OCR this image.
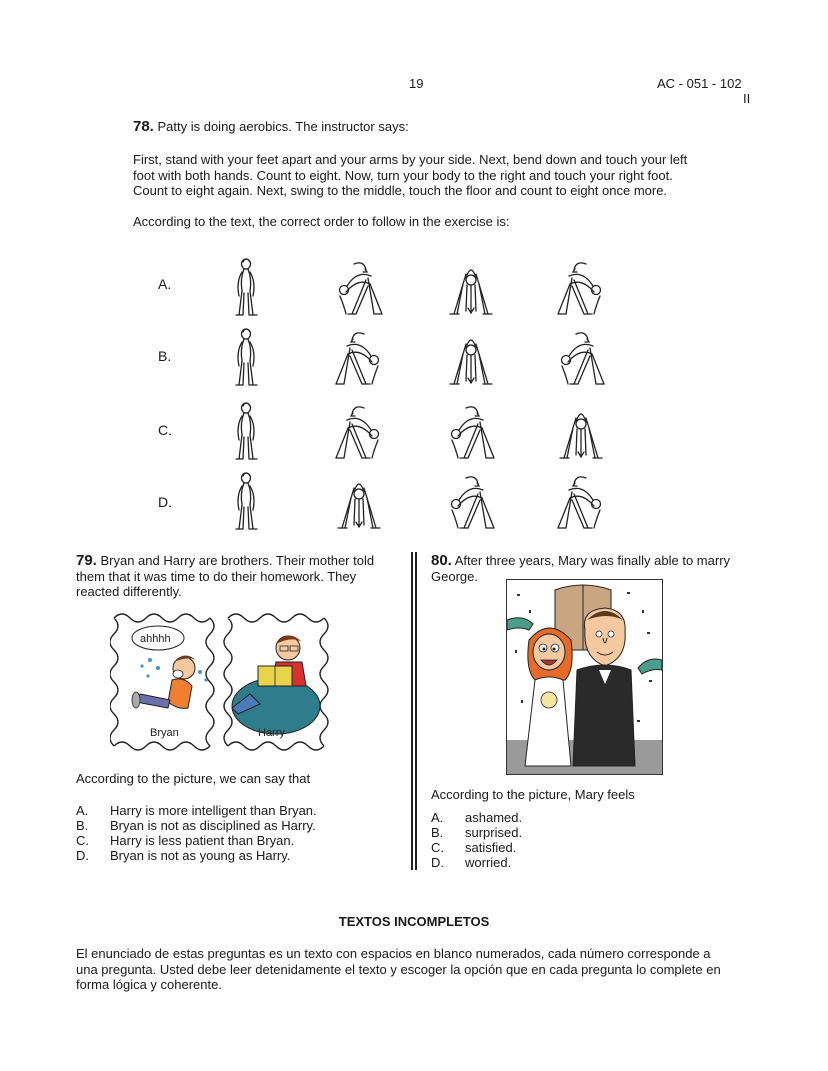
19	AC - 051 - 102
II
78. Patty is doing aerobics. The instructor says:
First, stand with your feet apart and your arms by your side. Next, bend down and touch your left
foot with both hands. Count to eight. Now, turn your body to the right and touch your right foot.
Count to eight again. Next, swing to the middle, touch the floor and count to eight once more.
According to the text, the correct order to follow in the exercise is:
A.
B.
C.
D.
79. Bryan and Harry are brothers. Their mother told
them that it was time to do their homework. They
reacted differently.
ahhhh
Bryan	Harry
According to the picture, we can say that
A.	Harry is more intelligent than Bryan.
B.	Bryan is not as disciplined as Harry.
C.	Harry is less patient than Bryan.
D.	Bryan is not as young as Harry.
80. After three years, Mary was finally able to marry
George.
According to the picture, Mary feels
A.	ashamed.
B.	surprised.
C.	satisfied.
D.	worried.
TEXTOS INCOMPLETOS
El enunciado de estas preguntas es un texto con espacios en blanco numerados, cada número corresponde a
una pregunta. Usted debe leer detenidamente el texto y escoger la opción que en cada pregunta lo complete en
forma lógica y coherente.
